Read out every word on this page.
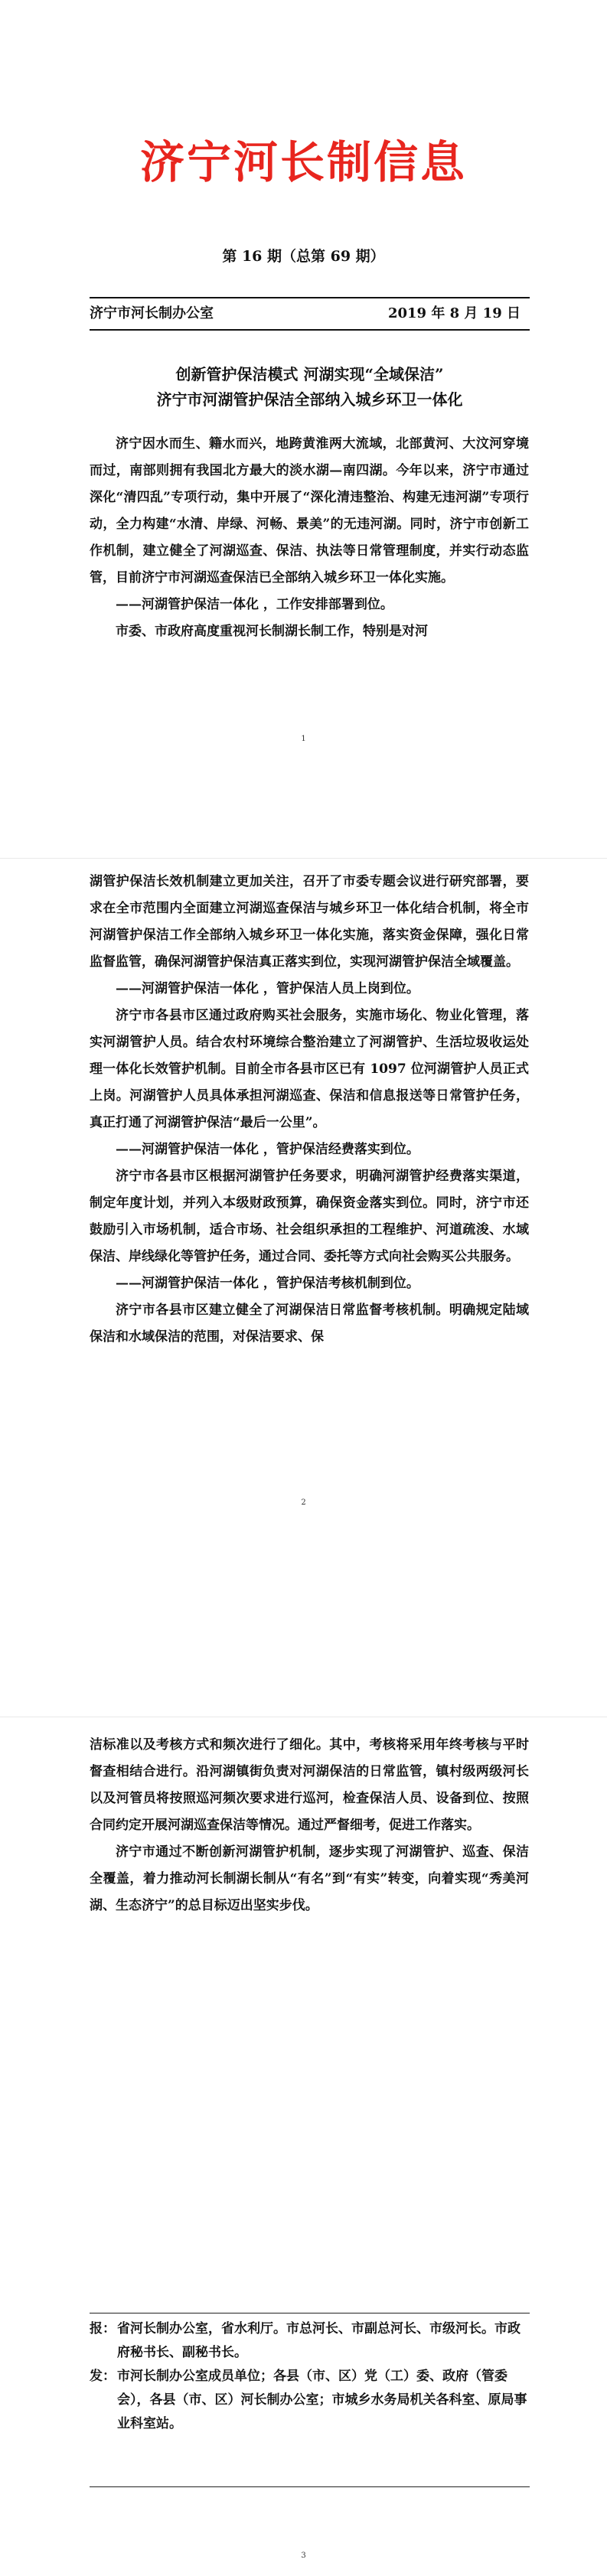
济宁河长制信息
第 16 期（总第 69 期）
济宁市河长制办公室	2019 年 8 月 19 日
创新管护保洁模式 河湖实现“全域保洁”
济宁市河湖管护保洁全部纳入城乡环卫一体化

济宁因水而生、籍水而兴，地跨黄淮两大流域，北部黄河、大汶河穿境而过，南部则拥有我国北方最大的淡水湖—南四湖。今年以来，济宁市通过深化“清四乱”专项行动，集中开展了“深化清违整治、构建无违河湖”专项行动，全力构建“水清、岸绿、河畅、景美”的无违河湖。同时，济宁市创新工作机制，建立健全了河湖巡查、保洁、执法等日常管理制度，并实行动态监管，目前济宁市河湖巡查保洁已全部纳入城乡环卫一体化实施。

——河湖管护保洁一体化 ，工作安排部署到位。

市委、市政府高度重视河长制湖长制工作，特别是对河

1

湖管护保洁长效机制建立更加关注，召开了市委专题会议进行研究部署，要求在全市范围内全面建立河湖巡查保洁与城乡环卫一体化结合机制，将全市河湖管护保洁工作全部纳入城乡环卫一体化实施，落实资金保障，强化日常监督监管，确保河湖管护保洁真正落实到位，实现河湖管护保洁全域覆盖。

——河湖管护保洁一体化 ，管护保洁人员上岗到位。

济宁市各县市区通过政府购买社会服务，实施市场化、物业化管理，落实河湖管护人员。结合农村环境综合整治建立了河湖管护、生活垃圾收运处理一体化长效管护机制。目前全市各县市区已有 1097 位河湖管护人员正式上岗。河湖管护人员具体承担河湖巡查、保洁和信息报送等日常管护任务，真正打通了河湖管护保洁“最后一公里”。

——河湖管护保洁一体化 ，管护保洁经费落实到位。

济宁市各县市区根据河湖管护任务要求，明确河湖管护经费落实渠道，制定年度计划，并列入本级财政预算，确保资金落实到位。同时，济宁市还鼓励引入市场机制，适合市场、社会组织承担的工程维护、河道疏浚、水域保洁、岸线绿化等管护任务，通过合同、委托等方式向社会购买公共服务。

——河湖管护保洁一体化 ，管护保洁考核机制到位。

济宁市各县市区建立健全了河湖保洁日常监督考核机制。明确规定陆域保洁和水域保洁的范围，对保洁要求、保

2

洁标准以及考核方式和频次进行了细化。其中，考核将采用年终考核与平时督查相结合进行。沿河湖镇街负责对河湖保洁的日常监管，镇村级两级河长以及河管员将按照巡河频次要求进行巡河，检查保洁人员、设备到位、按照合同约定开展河湖巡查保洁等情况。通过严督细考，促进工作落实。

济宁市通过不断创新河湖管护机制，逐步实现了河湖管护、巡查、保洁全覆盖，着力推动河长制湖长制从“有名”到“有实”转变，向着实现“秀美河湖、生态济宁”的总目标迈出坚实步伐。

报： 省河长制办公室，省水利厅。市总河长、市副总河长、市级河长。市政府秘书长、副秘书长。
发： 市河长制办公室成员单位；各县（市、区）党（工）委、政府（管委会），各县（市、区）河长制办公室；市城乡水务局机关各科室、原局事业科室站。
3
